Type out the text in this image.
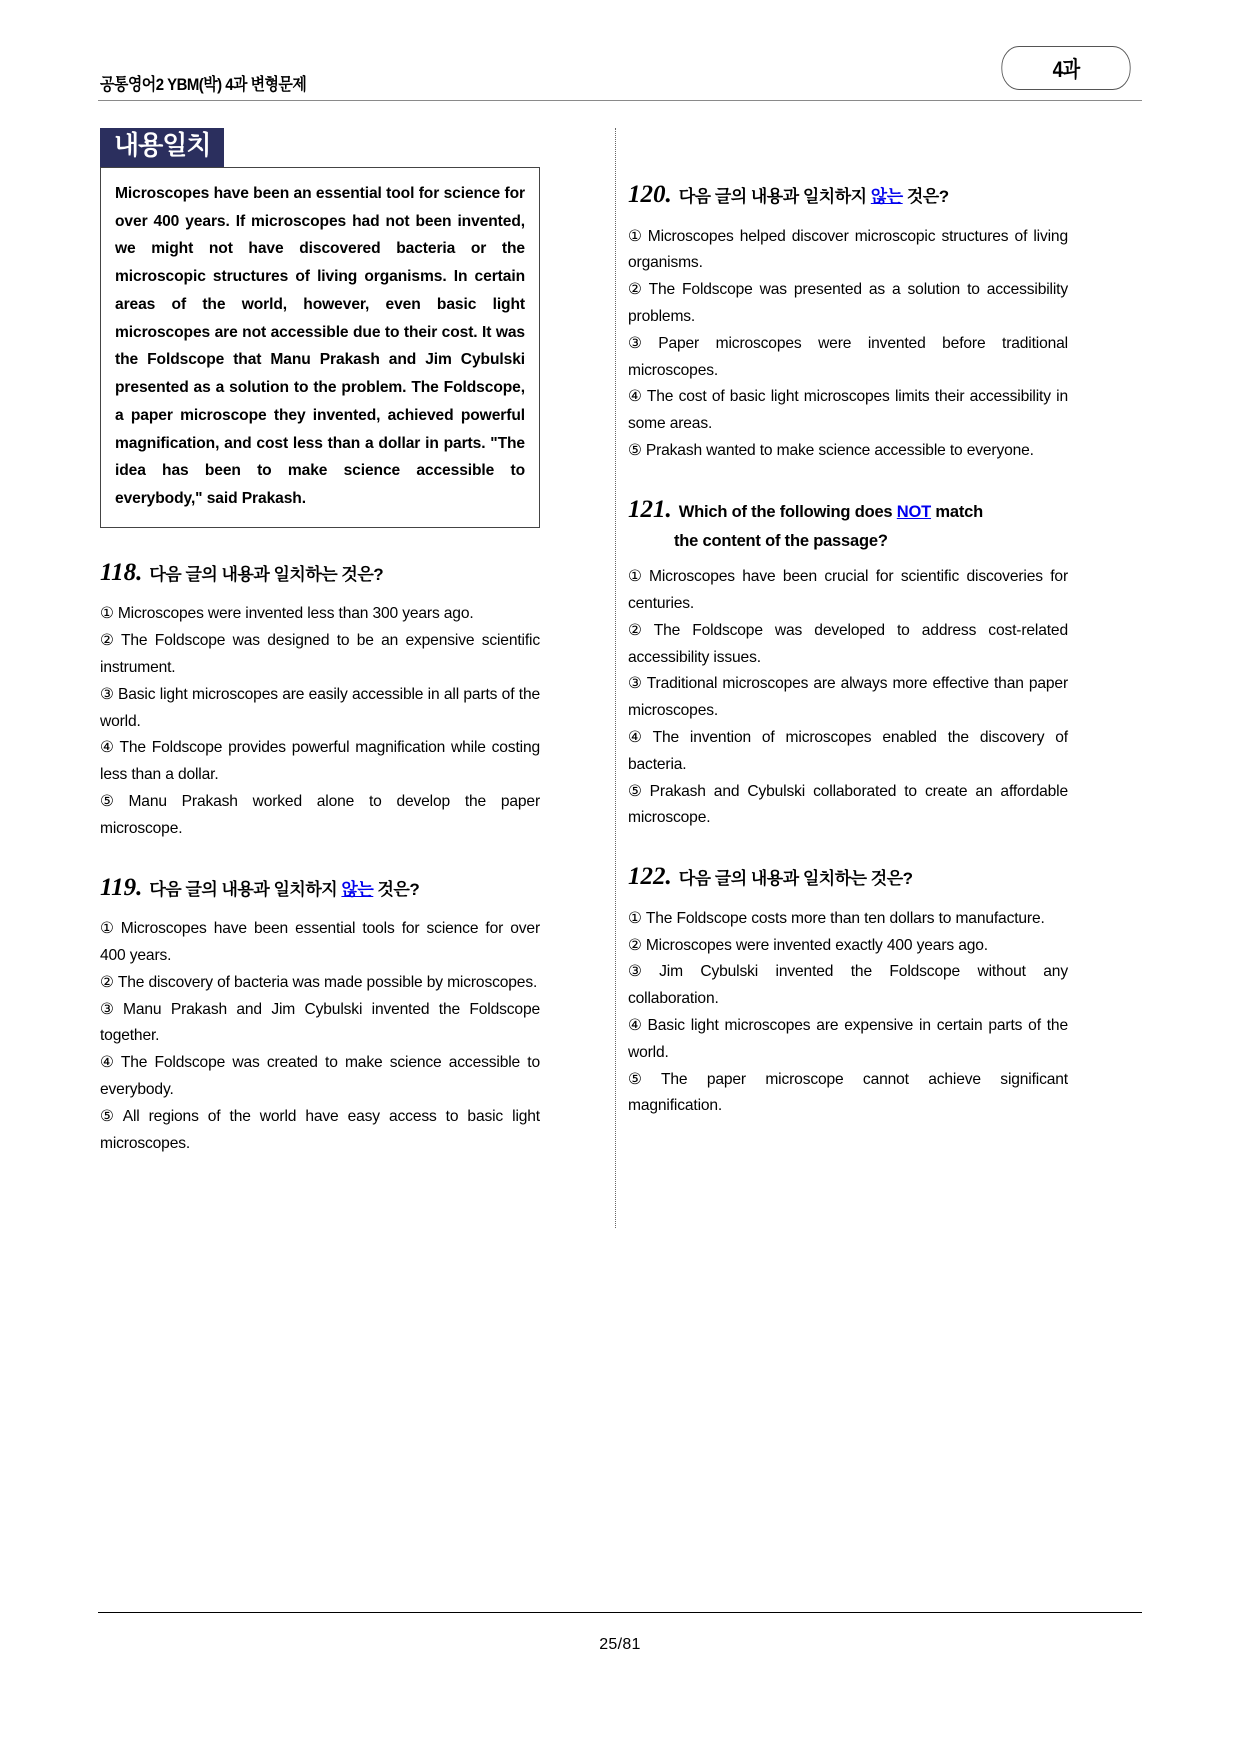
공통영어2 YBM(박) 4과 변형문제
4과
내용일치

Microscopes have been an essential tool for science for over 400 years. If microscopes had not been invented, we might not have discovered bacteria or the microscopic structures of living organisms. In certain areas of the world, however, even basic light microscopes are not accessible due to their cost. It was the Foldscope that Manu Prakash and Jim Cybulski presented as a solution to the problem. The Foldscope, a paper microscope they invented, achieved powerful magnification, and cost less than a dollar in parts. "The idea has been to make science accessible to everybody," said Prakash.

118. 다음 글의 내용과 일치하는 것은?

① Microscopes were invented less than 300 years ago.

② The Foldscope was designed to be an expensive scientific instrument.

③ Basic light microscopes are easily accessible in all parts of the world.

④ The Foldscope provides powerful magnification while costing less than a dollar.

⑤ Manu Prakash worked alone to develop the paper microscope.

119. 다음 글의 내용과 일치하지 않는 것은?

① Microscopes have been essential tools for science for over 400 years.

② The discovery of bacteria was made possible by microscopes.

③ Manu Prakash and Jim Cybulski invented the Foldscope together.

④ The Foldscope was created to make science accessible to everybody.

⑤ All regions of the world have easy access to basic light microscopes.

120. 다음 글의 내용과 일치하지 않는 것은?

① Microscopes helped discover microscopic structures of living organisms.

② The Foldscope was presented as a solution to accessibility problems.

③ Paper microscopes were invented before traditional microscopes.

④ The cost of basic light microscopes limits their accessibility in some areas.

⑤ Prakash wanted to make science accessible to everyone.

121. Which of the following does NOT match
the content of the passage?

① Microscopes have been crucial for scientific discoveries for centuries.

② The Foldscope was developed to address cost-related accessibility issues.

③ Traditional microscopes are always more effective than paper microscopes.

④ The invention of microscopes enabled the discovery of bacteria.

⑤ Prakash and Cybulski collaborated to create an affordable microscope.

122. 다음 글의 내용과 일치하는 것은?

① The Foldscope costs more than ten dollars to manufacture.

② Microscopes were invented exactly 400 years ago.

③ Jim Cybulski invented the Foldscope without any collaboration.

④ Basic light microscopes are expensive in certain parts of the world.

⑤ The paper microscope cannot achieve significant magnification.

25/81
